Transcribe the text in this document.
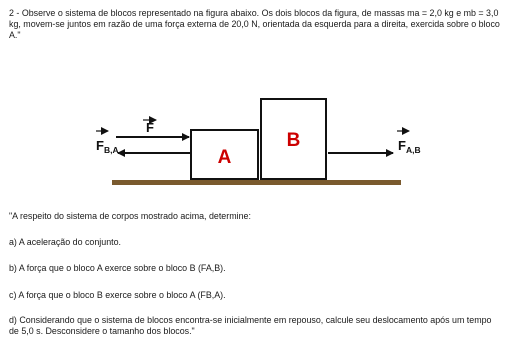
2 - Observe o sistema de blocos representado na figura abaixo. Os dois blocos da figura, de massas ma = 2,0 kg e mb = 3,0 kg, movem-se juntos em razão de uma força externa de 20,0 N, orientada da esquerda para a direita, exercida sobre o bloco A."

A
B
F
FB,A	FA,B

"A respeito do sistema de corpos mostrado acima, determine:

a) A aceleração do conjunto.

b) A força que o bloco A exerce sobre o bloco B (FA,B).

c) A força que o bloco B exerce sobre o bloco A (FB,A).

d) Considerando que o sistema de blocos encontra-se inicialmente em repouso, calcule seu deslocamento após um tempo de 5,0 s. Desconsidere o tamanho dos blocos."
